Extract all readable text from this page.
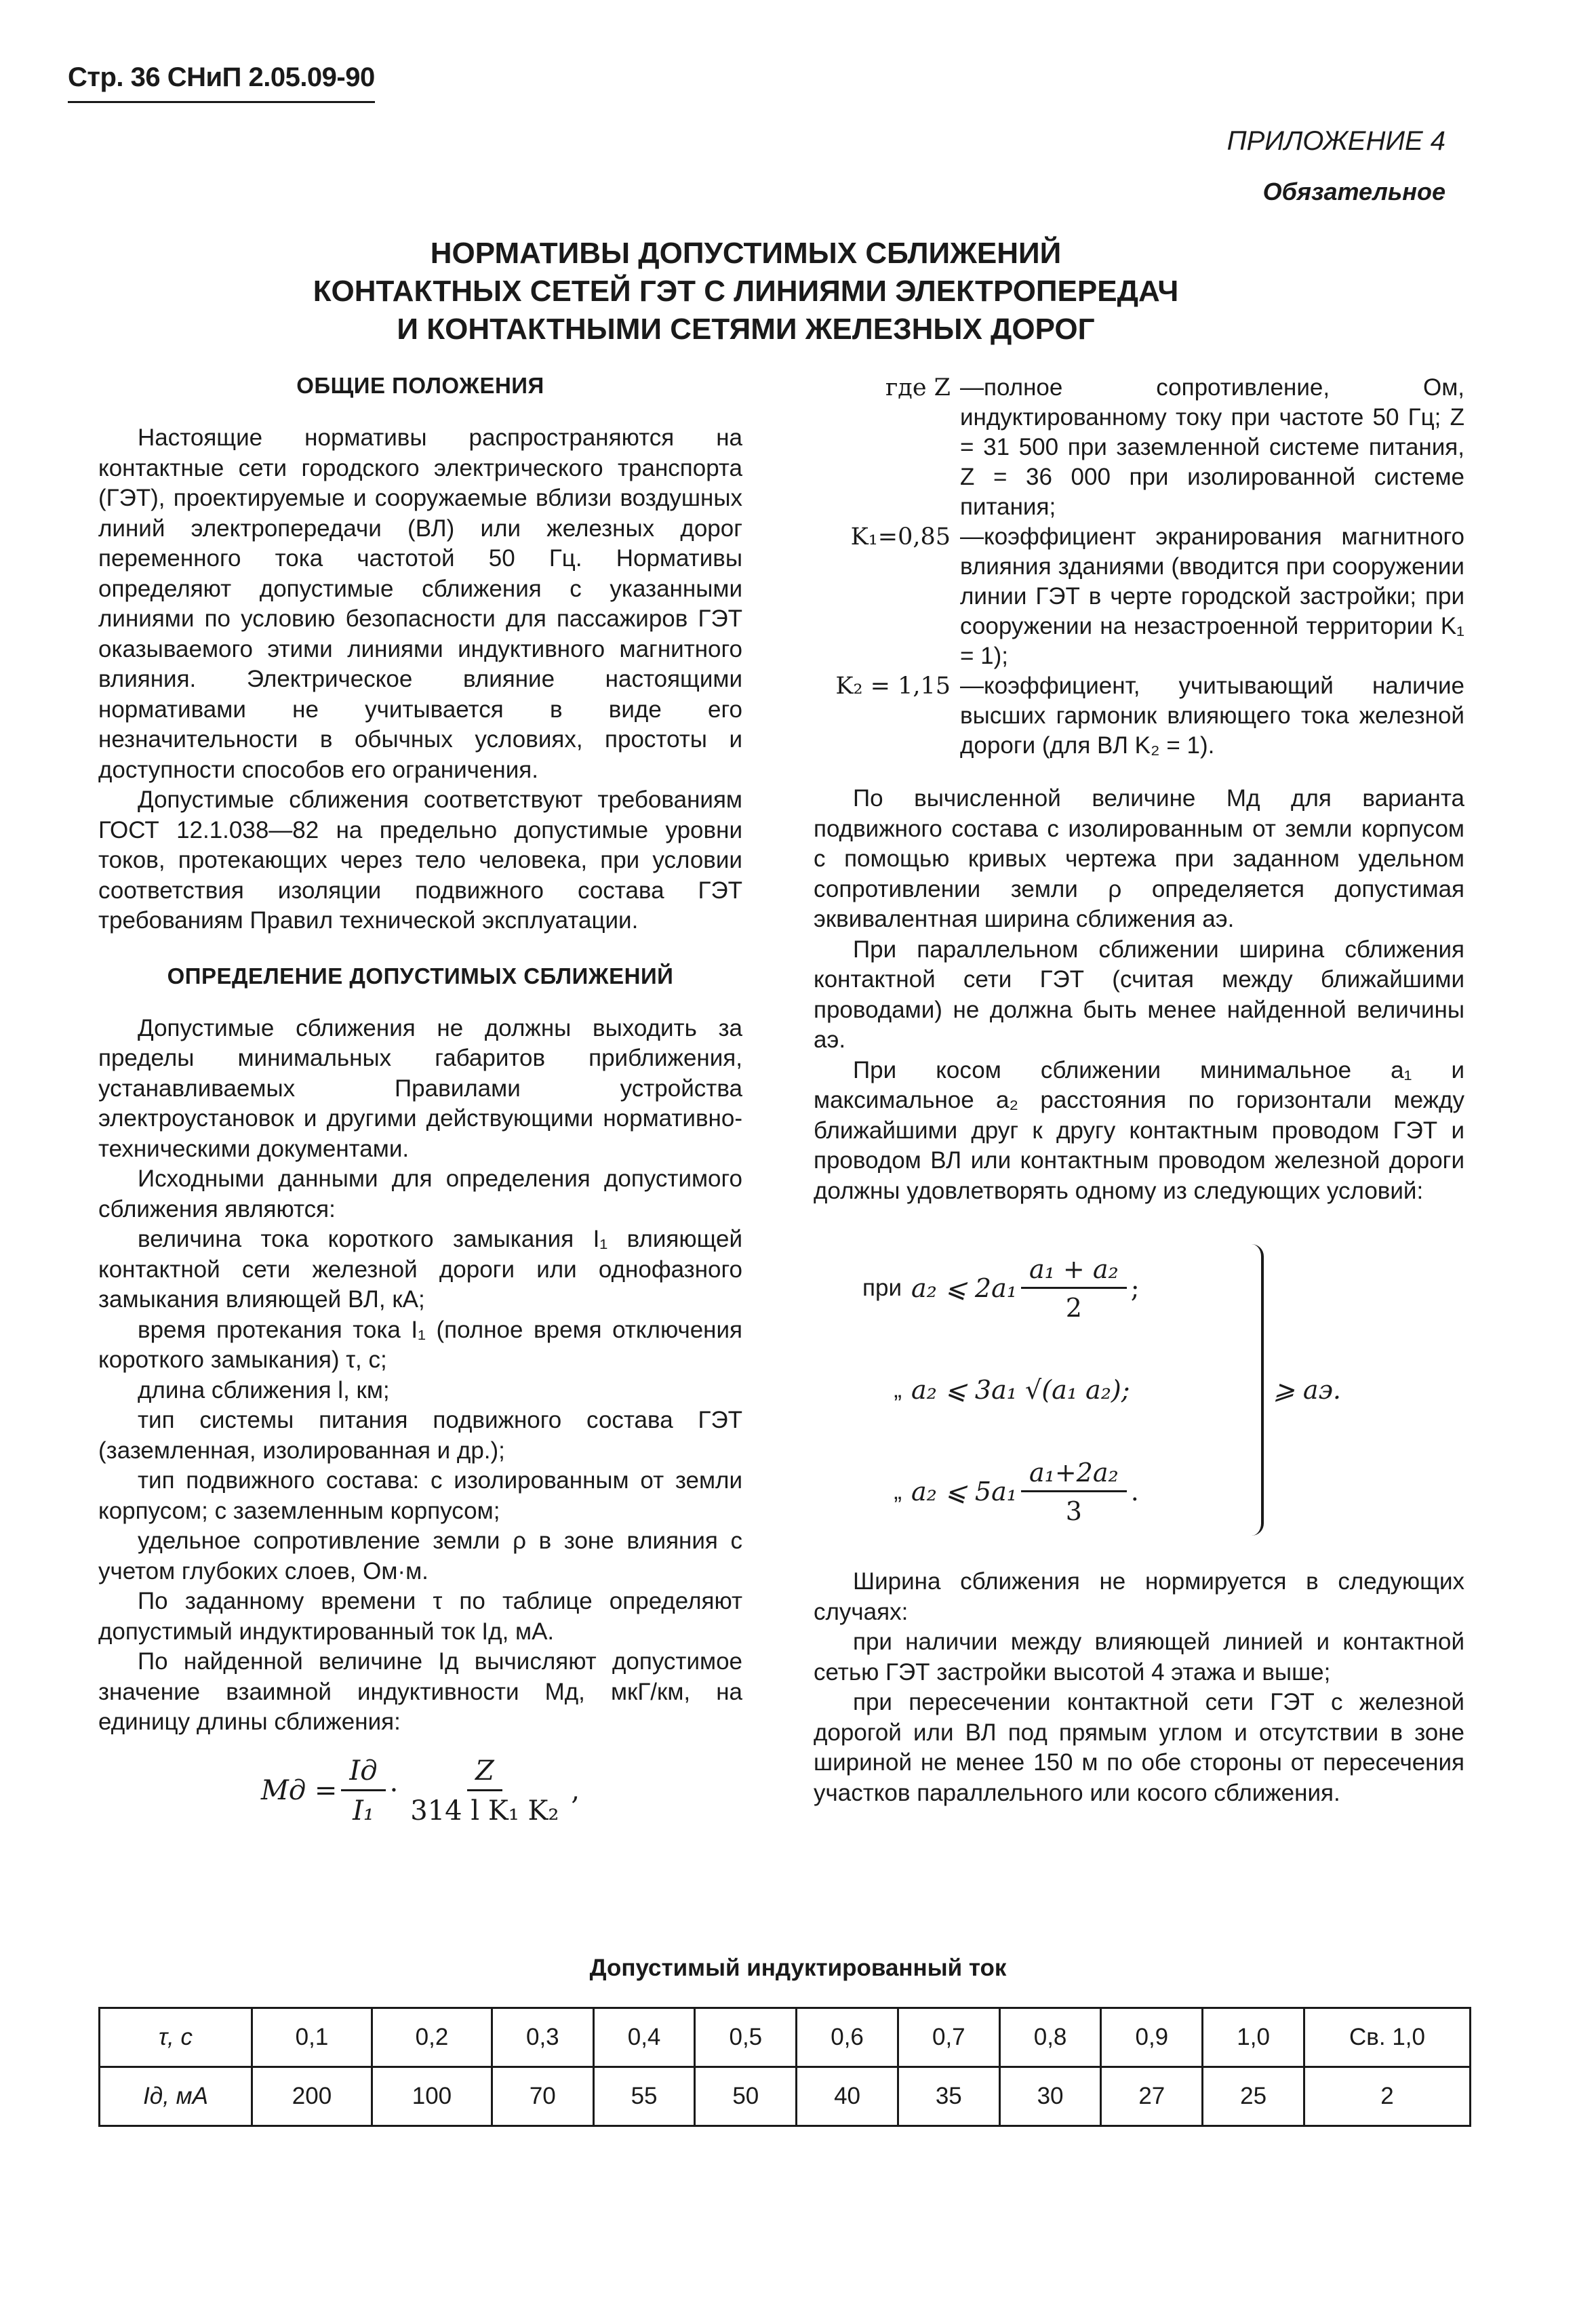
Стр. 36 СНиП 2.05.09-90
ПРИЛОЖЕНИЕ 4
Обязательное
НОРМАТИВЫ ДОПУСТИМЫХ СБЛИЖЕНИЙ
КОНТАКТНЫХ СЕТЕЙ ГЭТ С ЛИНИЯМИ ЭЛЕКТРОПЕРЕДАЧ
И КОНТАКТНЫМИ СЕТЯМИ ЖЕЛЕЗНЫХ ДОРОГ
ОБЩИЕ ПОЛОЖЕНИЯ

Настоящие нормативы распространяются на контактные сети городского электрического транспорта (ГЭТ), проектируемые и сооружаемые вблизи воздушных линий электропередачи (ВЛ) или железных дорог переменного тока частотой 50 Гц. Нормативы определяют допустимые сближения с указанными линиями по условию безопасности для пассажиров ГЭТ оказываемого этими линиями индуктивного магнитного влияния. Электрическое влияние настоящими нормативами не учитывается в виде его незначительности в обычных условиях, простоты и доступности способов его ограничения.

Допустимые сближения соответствуют требованиям ГОСТ 12.1.038—82 на предельно допустимые уровни токов, протекающих через тело человека, при условии соответствия изоляции подвижного состава ГЭТ требованиям Правил технической эксплуатации.

ОПРЕДЕЛЕНИЕ ДОПУСТИМЫХ СБЛИЖЕНИЙ

Допустимые сближения не должны выходить за пределы минимальных габаритов приближения, устанавливаемых Правилами устройства электроустановок и другими действующими нормативно-техническими документами.

Исходными данными для определения допустимого сближения являются:

величина тока короткого замыкания I₁ влияющей контактной сети железной дороги или однофазного замыкания влияющей ВЛ, кА;

время протекания тока I₁ (полное время отключения короткого замыкания) τ, с;

длина сближения l, км;

тип системы питания подвижного состава ГЭТ (заземленная, изолированная и др.);

тип подвижного состава: с изолированным от земли корпусом; с заземленным корпусом;

удельное сопротивление земли ρ в зоне влияния с учетом глубоких слоев, Ом·м.

По заданному времени τ по таблице определяют допустимый индуктированный ток Iд, мА.

По найденной величине Iд вычисляют допустимое значение взаимной индуктивности Mд, мкГ/км, на единицу длины сближения:

Mд = $\frac{Iд}{\text{I₁}} \cdot \frac{Z}{\text{314 l K₁ K₂}}$ ,
где Z —полное сопротивление, Ом, индуктированному току при частоте 50 Гц; Z = 31 500 при заземленной системе питания, Z = 36 000 при изолированной системе питания;
K₁=0,85 —коэффициент экранирования магнитного влияния зданиями (вводится при сооружении линии ГЭТ в черте городской застройки; при сооружении на незастроенной территории K₁ = 1);
K₂ = 1,15 —коэффициент, учитывающий наличие высших гармоник влияющего тока железной дороги (для ВЛ K₂ = 1).

По вычисленной величине Mд для варианта подвижного состава с изолированным от земли корпусом с помощью кривых чертежа при заданном удельном сопротивлении земли ρ определяется допустимая эквивалентная ширина сближения aэ.

При параллельном сближении ширина сближения контактной сети ГЭТ (считая между ближайшими проводами) не должна быть менее найденной величины aэ.

При косом сближении минимальное a₁ и максимальное a₂ расстояния по горизонтали между ближайшими друг к другу контактным проводом ГЭТ и проводом ВЛ или контактным проводом железной дороги должны удовлетворять одному из следующих условий:

при a₂ ⩽ $2a_1 \frac{\text{a₁ + a₂}}{2}$ ;
„ a₂ ⩽ 3a₁ √(a₁ a₂);
„ a₂ ⩽ $5a_1 \frac{\text{a₁+2a₂}}{3}$ .
⩾ aэ.

Ширина сближения не нормируется в следующих случаях:

при наличии между влияющей линией и контактной сетью ГЭТ застройки высотой 4 этажа и выше;

при пересечении контактной сети ГЭТ с железной дорогой или ВЛ под прямым углом и отсутствии в зоне шириной не менее 150 м по обе стороны от пересечения участков параллельного или косого сближения.

Допустимый индуктированный ток
τ, с	0,1	0,2	0,3	0,4	0,5	0,6	0,7	0,8	0,9	1,0	Св. 1,0
Iд, мА	200	100	70	55	50	40	35	30	27	25	2
